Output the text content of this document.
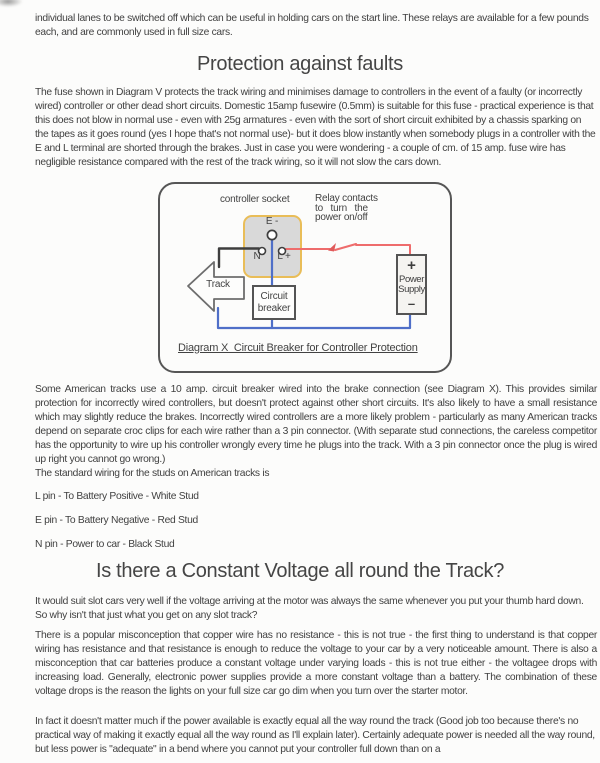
individual lanes to be switched off which can be useful in holding cars on the start line. These relays are available for a few pounds each, and are commonly used in full size cars.
Protection against faults
The fuse shown in Diagram V protects the track wiring and minimises damage to controllers in the event of a faulty (or incorrectly wired) controller or other dead short circuits. Domestic 15amp fusewire (0.5mm) is suitable for this fuse - practical experience is that this does not blow in normal use - even with 25g armatures - even with the sort of short circuit exhibited by a chassis sparking on the tapes as it goes round (yes I hope that's not normal use)- but it does blow instantly when somebody plugs in a controller with the E and L terminal are shorted through the brakes. Just in case you were wondering - a couple of cm. of 15 amp. fuse wire has negligible resistance compared with the rest of the track wiring, so it will not slow the cars down.
controller socket	Relay contacts
to turn the
power on/off
E -
N	L +
Track
Circuit
breaker
+
Power
Supply
–
Diagram X  Circuit Breaker for Controller Protection
Some American tracks use a 10 amp. circuit breaker wired into the brake connection (see Diagram X). This provides similar protection for incorrectly wired controllers, but doesn't protect against other short circuits. It's also likely to have a small resistance which may slightly reduce the brakes. Incorrectly wired controllers are a more likely problem - particularly as many American tracks depend on separate croc clips for each wire rather than a 3 pin connector. (With separate stud connections, the careless competitor has the opportunity to wire up his controller wrongly every time he plugs into the track. With a 3 pin connector once the plug is wired up right you cannot go wrong.)
The standard wiring for the studs on American tracks is
L pin - To Battery Positive - White Stud
E pin - To Battery Negative - Red Stud
N pin - Power to car - Black Stud
Is there a Constant Voltage all round the Track?
It would suit slot cars very well if the voltage arriving at the motor was always the same whenever you put your thumb hard down. So why isn't that just what you get on any slot track?
There is a popular misconception that copper wire has no resistance - this is not true - the first thing to understand is that copper wiring has resistance and that resistance is enough to reduce the voltage to your car by a very noticeable amount. There is also a misconception that car batteries produce a constant voltage under varying loads - this is not true either - the voltagee drops with increasing load. Generally, electronic power supplies provide a more constant voltage than a battery. The combination of these voltage drops is the reason the lights on your full size car go dim when you turn over the starter motor.
In fact it doesn't matter much if the power available is exactly equal all the way round the track (Good job too because there's no practical way of making it exactly equal all the way round as I'll explain later). Certainly adequate power is needed all the way round, but less power is "adequate" in a bend where you cannot put your controller full down than on a
